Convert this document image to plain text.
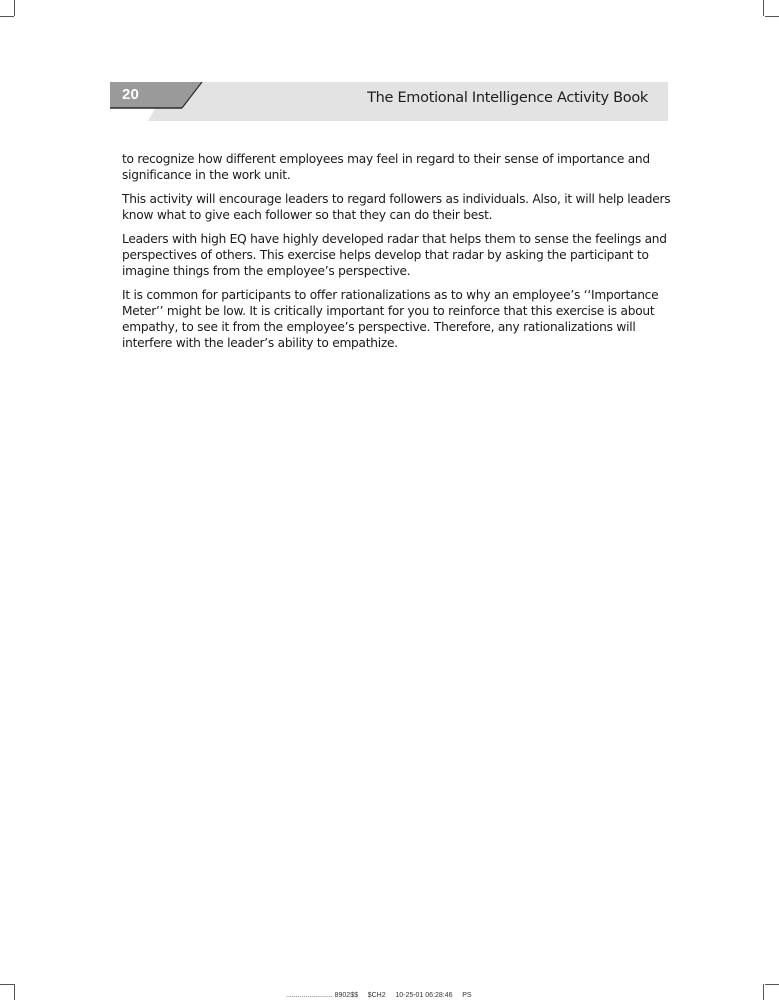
20	The Emotional Intelligence Activity Book

to recognize how different employees may feel in regard to their sense of importance and significance in the work unit.

This activity will encourage leaders to regard followers as individuals. Also, it will help leaders know what to give each follower so that they can do their best.

Leaders with high EQ have highly developed radar that helps them to sense the feelings and perspectives of others. This exercise helps develop that radar by asking the participant to imagine things from the employee’s perspective.

It is common for participants to offer rationalizations as to why an employee’s ‘‘Importance Meter’’ might be low. It is critically important for you to reinforce that this exercise is about empathy, to see it from the employee’s perspective. Therefore, any rationalizations will interfere with the leader’s ability to empathize.

........................ 8902$$     $CH2     10-25-01 06:28:46     PS
